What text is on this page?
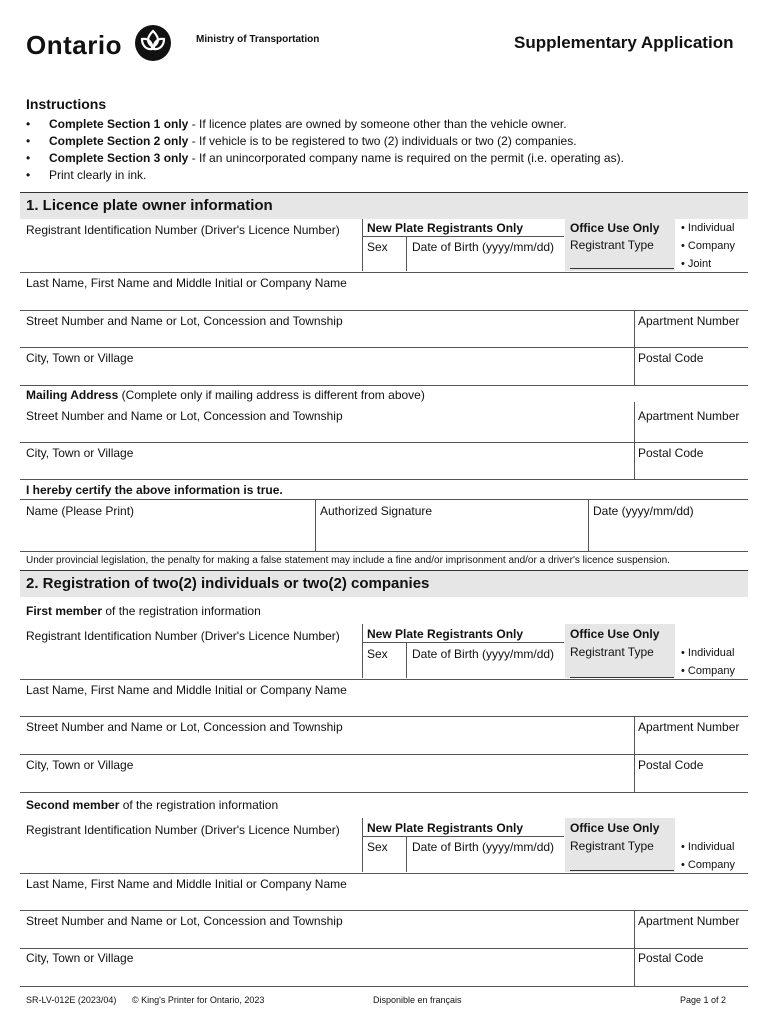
Ontario	Ministry of Transportation	Supplementary Application
Instructions
• Complete Section 1 only - If licence plates are owned by someone other than the vehicle owner.
• Complete Section 2 only - If vehicle is to be registered to two (2) individuals or two (2) companies.
• Complete Section 3 only - If an unincorporated company name is required on the permit (i.e. operating as).
• Print clearly in ink.
1. Licence plate owner information
Registrant Identification Number (Driver's Licence Number) New Plate Registrants Only
Sex Date of Birth (yyyy/mm/dd)
Office Use Only
Registrant Type
• Individual
• Company
• Joint
Last Name, First Name and Middle Initial or Company Name
Street Number and Name or Lot, Concession and Township	Apartment Number
City, Town or Village	Postal Code
Mailing Address (Complete only if mailing address is different from above)
Street Number and Name or Lot, Concession and Township	Apartment Number
City, Town or Village	Postal Code
I hereby certify the above information is true.
Name (Please Print)	Authorized Signature	Date (yyyy/mm/dd)
Under provincial legislation, the penalty for making a false statement may include a fine and/or imprisonment and/or a driver's licence suspension.
2. Registration of two(2) individuals or two(2) companies
First member of the registration information
Registrant Identification Number (Driver's Licence Number) New Plate Registrants Only
Sex Date of Birth (yyyy/mm/dd)
Office Use Only
Registrant Type • Individual
• Company
Last Name, First Name and Middle Initial or Company Name
Street Number and Name or Lot, Concession and Township	Apartment Number
City, Town or Village	Postal Code
Second member of the registration information
Registrant Identification Number (Driver's Licence Number) New Plate Registrants Only
Sex Date of Birth (yyyy/mm/dd)
Office Use Only
Registrant Type • Individual
• Company
Last Name, First Name and Middle Initial or Company Name
Street Number and Name or Lot, Concession and Township	Apartment Number
City, Town or Village	Postal Code
SR-LV-012E (2023/04) © King's Printer for Ontario, 2023	Disponible en français	Page 1 of 2
